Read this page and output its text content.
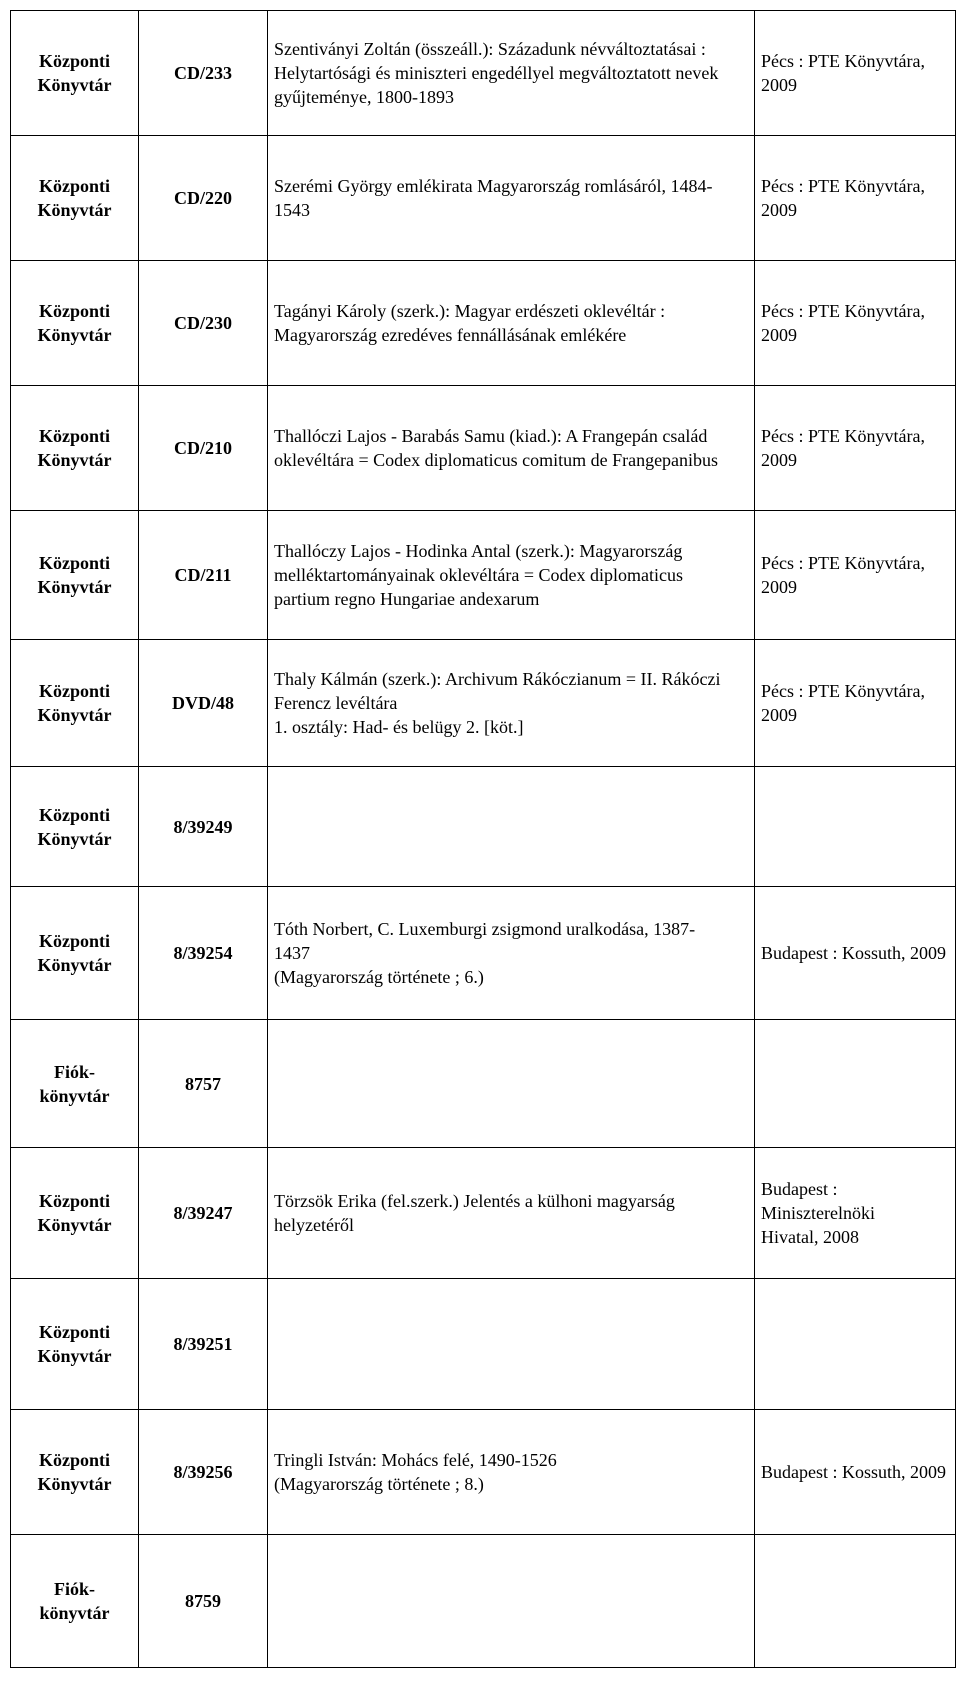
Központi
Könyvtár	CD/233	Szentiványi Zoltán (összeáll.): Századunk névváltoztatásai :
Helytartósági és miniszteri engedéllyel megváltoztatott nevek
gyűjteménye, 1800-1893	Pécs : PTE Könyvtára,
2009

Központi
Könyvtár	CD/220	Szerémi György emlékirata Magyarország romlásáról, 1484-
1543	Pécs : PTE Könyvtára,
2009

Központi
Könyvtár	CD/230	Tagányi Károly (szerk.): Magyar erdészeti oklevéltár :
Magyarország ezredéves fennállásának emlékére	Pécs : PTE Könyvtára,
2009

Központi
Könyvtár	CD/210	Thallóczi Lajos - Barabás Samu (kiad.): A Frangepán család
oklevéltára = Codex diplomaticus comitum de Frangepanibus	Pécs : PTE Könyvtára,
2009

Központi
Könyvtár	CD/211	Thallóczy Lajos - Hodinka Antal (szerk.): Magyarország
melléktartományainak oklevéltára = Codex diplomaticus
partium regno Hungariae andexarum	Pécs : PTE Könyvtára,
2009

Központi
Könyvtár	DVD/48	Thaly Kálmán (szerk.): Archivum Rákóczianum = II. Rákóczi
Ferencz levéltára
1. osztály: Had- és belügy 2. [köt.]	Pécs : PTE Könyvtára,
2009

Központi
Könyvtár	8/39249		

Központi
Könyvtár	8/39254	Tóth Norbert, C. Luxemburgi zsigmond uralkodása, 1387-
1437
(Magyarország története ; 6.)	Budapest : Kossuth, 2009

Fiók-
könyvtár	8757		

Központi
Könyvtár	8/39247	Törzsök Erika (fel.szerk.) Jelentés a külhoni magyarság
helyzetéről	Budapest : Miniszterelnöki
Hivatal, 2008

Központi
Könyvtár	8/39251		

Központi
Könyvtár	8/39256	Tringli István: Mohács felé, 1490-1526
(Magyarország története ; 8.)	Budapest : Kossuth, 2009

Fiók-
könyvtár	8759		
